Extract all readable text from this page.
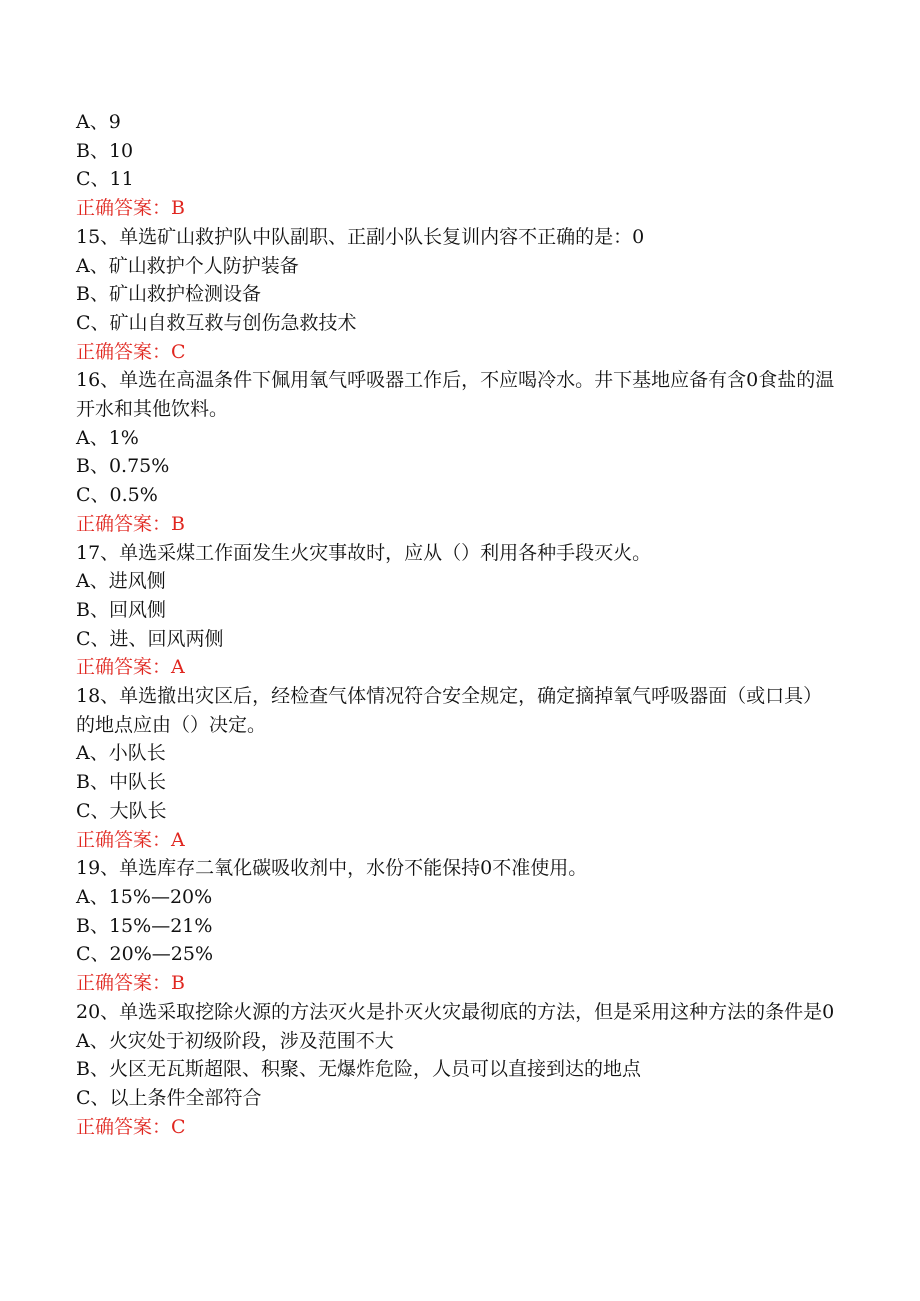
A、9
B、10
C、11
正确答案：B
15、单选矿山救护队中队副职、正副小队长复训内容不正确的是：0
A、矿山救护个人防护装备
B、矿山救护检测设备
C、矿山自救互救与创伤急救技术
正确答案：C
16、单选在高温条件下佩用氧气呼吸器工作后，不应喝冷水。井下基地应备有含0食盐的温开水和其他饮料。
A、1%
B、0.75%
C、0.5%
正确答案：B
17、单选采煤工作面发生火灾事故时，应从（）利用各种手段灭火。
A、进风侧
B、回风侧
C、进、回风两侧
正确答案：A
18、单选撤出灾区后，经检查气体情况符合安全规定，确定摘掉氧气呼吸器面（或口具）的地点应由（）决定。
A、小队长
B、中队长
C、大队长
正确答案：A
19、单选库存二氧化碳吸收剂中，水份不能保持0不准使用。
A、15%—20%
B、15%—21%
C、20%—25%
正确答案：B
20、单选采取挖除火源的方法灭火是扑灭火灾最彻底的方法，但是采用这种方法的条件是0
A、火灾处于初级阶段，涉及范围不大
B、火区无瓦斯超限、积聚、无爆炸危险，人员可以直接到达的地点
C、以上条件全部符合
正确答案：C
